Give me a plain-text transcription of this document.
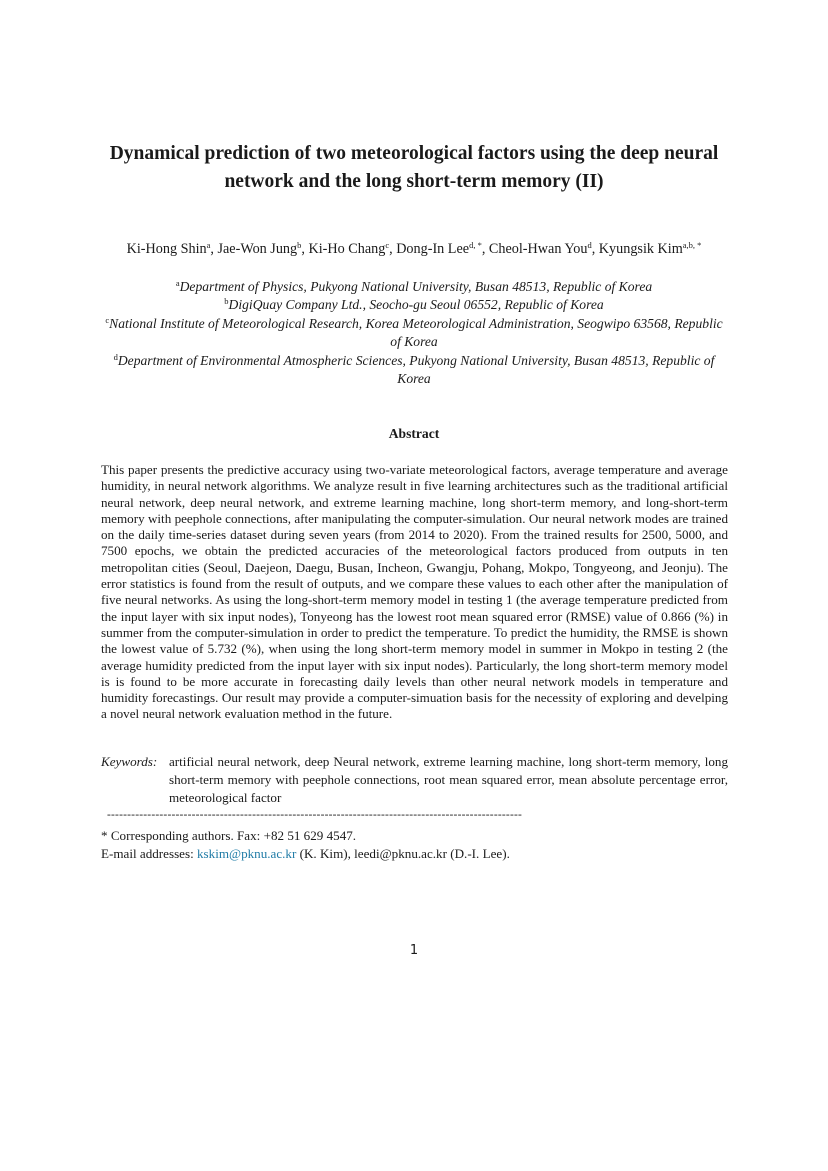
Dynamical prediction of two meteorological factors using the deep neural
network and the long short-term memory (II)
Ki-Hong Shin$^a$, Jae-Won Jung$^b$, Ki-Ho Chang$^c$, Dong-In Lee$^{d, *}$, Cheol-Hwan You$^d$, Kyungsik Kim$^{a,b, *}$
$^a$Department of Physics, Pukyong National University, Busan 48513, Republic of Korea
$^b$DigiQuay Company Ltd., Seocho-gu Seoul 06552, Republic of Korea
$^c$National Institute of Meteorological Research, Korea Meteorological Administration, Seogwipo 63568, Republic of Korea
$^d$Department of Environmental Atmospheric Sciences, Pukyong National University, Busan 48513, Republic of Korea
Abstract

This paper presents the predictive accuracy using two-variate meteorological factors, average temperature and average humidity, in neural network algorithms. We analyze result in five learning architectures such as the traditional artificial neural network, deep neural network, and extreme learning machine, long short-term memory, and long-short-term memory with peephole connections, after manipulating the computer-simulation. Our neural network modes are trained on the daily time-series dataset during seven years (from 2014 to 2020). From the trained results for 2500, 5000, and 7500 epochs, we obtain the predicted accuracies of the meteorological factors produced from outputs in ten metropolitan cities (Seoul, Daejeon, Daegu, Busan, Incheon, Gwangju, Pohang, Mokpo, Tongyeong, and Jeonju). The error statistics is found from the result of outputs, and we compare these values to each other after the manipulation of five neural networks. As using the long-short-term memory model in testing 1 (the average temperature predicted from the input layer with six input nodes), Tonyeong has the lowest root mean squared error (RMSE) value of 0.866 (%) in summer from the computer-simulation in order to predict the temperature. To predict the humidity, the RMSE is shown the lowest value of 5.732 (%), when using the long short-term memory model in summer in Mokpo in testing 2 (the average humidity predicted from the input layer with six input nodes). Particularly, the long short-term memory model is is found to be more accurate in forecasting daily levels than other neural network models in temperature and humidity forecastings. Our result may provide a computer-simuation basis for the necessity of exploring and develping a novel neural network evaluation method in the future.

Keywords: artificial neural network, deep Neural network, extreme learning machine, long short-term memory, long short-term memory with peephole connections, root mean squared error, mean absolute percentage error, meteorological factor
-------------------------------------------------------------------------------------------------------
* Corresponding authors. Fax: +82 51 629 4547.
E-mail addresses: kskim@pknu.ac.kr (K. Kim), leedi@pknu.ac.kr (D.-I. Lee).
1
